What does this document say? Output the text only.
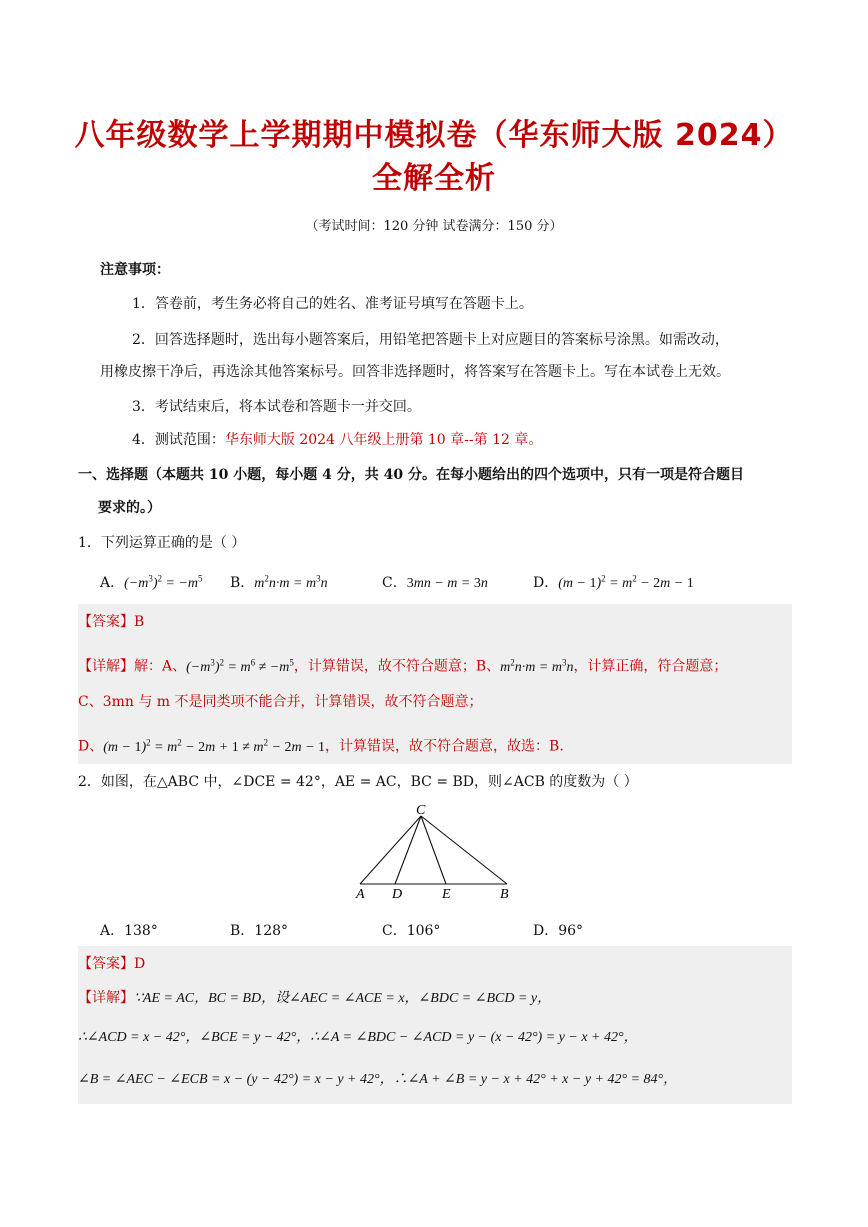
八年级数学上学期期中模拟卷（华东师大版 2024）
全解全析
（考试时间：120 分钟 试卷满分：150 分）
注意事项：
1．答卷前，考生务必将自己的姓名、准考证号填写在答题卡上。
2．回答选择题时，选出每小题答案后，用铅笔把答题卡上对应题目的答案标号涂黑。如需改动，
用橡皮擦干净后，再选涂其他答案标号。回答非选择题时，将答案写在答题卡上。写在本试卷上无效。
3．考试结束后，将本试卷和答题卡一并交回。
4．测试范围：华东师大版 2024 八年级上册第 10 章--第 12 章。
一、选择题（本题共 10 小题，每小题 4 分，共 40 分。在每小题给出的四个选项中，只有一项是符合题目
要求的。）
1．下列运算正确的是（ ）
A．$(-m^3)^2 = -m^5$ B．$m^2n\cdot m = m^3n$	C．3mn − m = 3n	D．$(m - 1)^2 = m^2 - 2m - 1$
【答案】B
【详解】解：A、$(-m^3)^2 = m^6 \ne -m^5$，计算错误，故不符合题意；B、$m^2n\cdot m = m^3n$，计算正确，符合题意；
C、3mn 与 m 不是同类项不能合并，计算错误，故不符合题意；
D、$(m - 1)^2 = m^2 - 2m + 1 \ne m^2 - 2m - 1$，计算错误，故不符合题意，故选：B.
2．如图，在△ABC 中，∠DCE = 42°，AE = AC，BC = BD，则∠ACB 的度数为（ ）
C
A D	E	B
A．138°	B．128°	C．106°	D．96°
【答案】D
【详解】∵AE = AC，BC = BD，设∠AEC = ∠ACE = x，∠BDC = ∠BCD = y，
∴∠ACD = x − 42°，∠BCE = y − 42°，∴∠A = ∠BDC − ∠ACD = y − (x − 42°) = y − x + 42°，
∠B = ∠AEC − ∠ECB = x − (y − 42°) = x − y + 42°，∴∠A + ∠B = y − x + 42° + x − y + 42° = 84°，
